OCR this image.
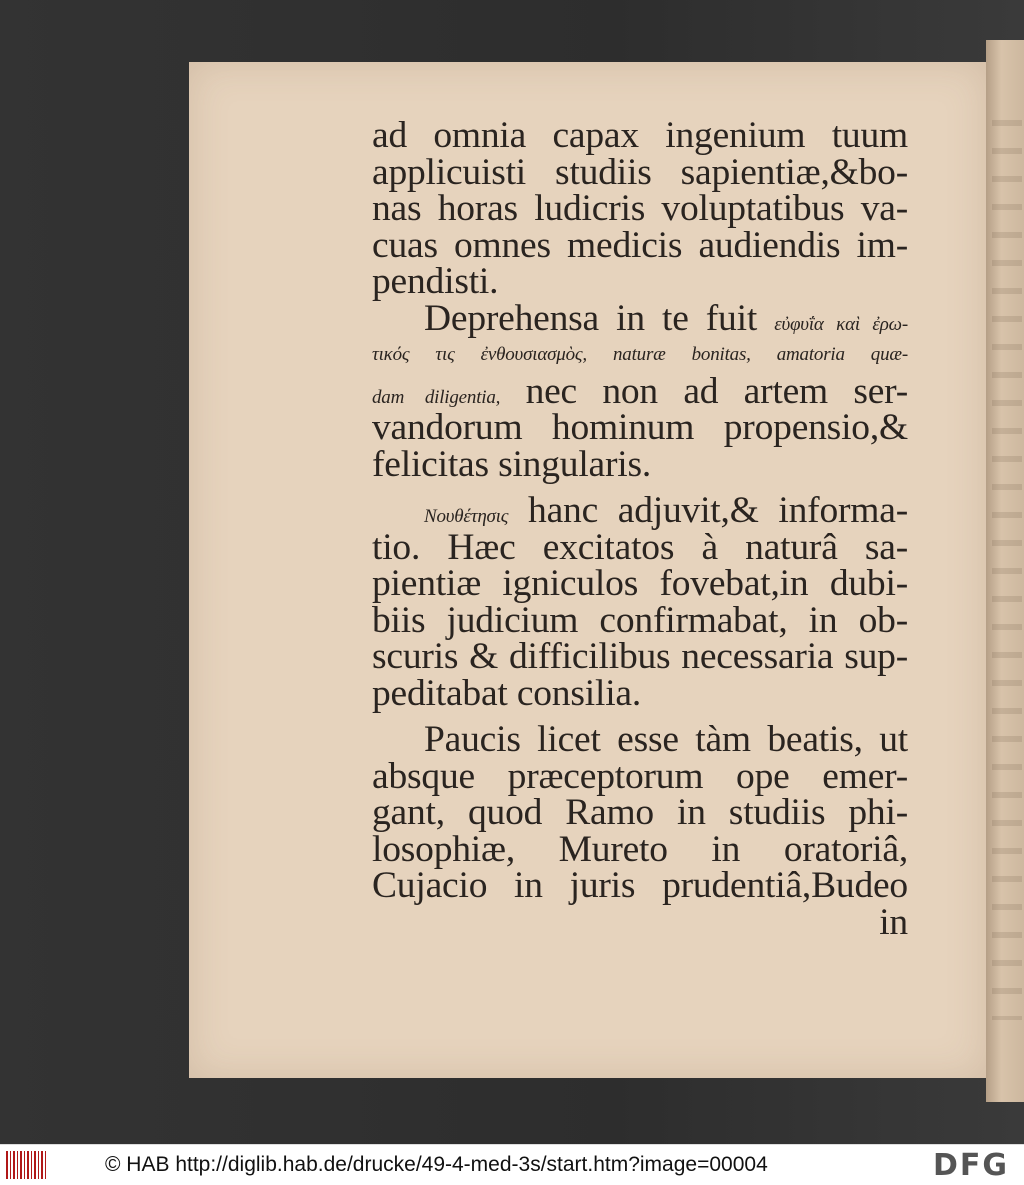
ad omnia capax ingenium tuum
applicuisti studiis sapientiæ,&bo-
nas horas ludicris voluptatibus va-
cuas omnes medicis audiendis im-
pendisti.
Deprehensa in te fuit εὐφυΐα καὶ ἐρω-
τικός τις ἐνθουσιασμὸς, naturæ bonitas, amatoria quæ-
dam diligentia, nec non ad artem ser-
vandorum hominum propensio,&
felicitas singularis.
Νουθέτησις hanc adjuvit,& informa-
tio. Hæc excitatos à naturâ sa-
pientiæ igniculos fovebat,in dubi-
biis judicium confirmabat, in ob-
scuris & difficilibus necessaria sup-
peditabat consilia.
Paucis licet esse tàm beatis, ut
absque præceptorum ope emer-
gant, quod Ramo in studiis phi-
losophiæ, Mureto in oratoriâ,
Cujacio in juris prudentiâ,Budeo
in
© HAB http://diglib.hab.de/drucke/49-4-med-3s/start.htm?image=00004	DFG
